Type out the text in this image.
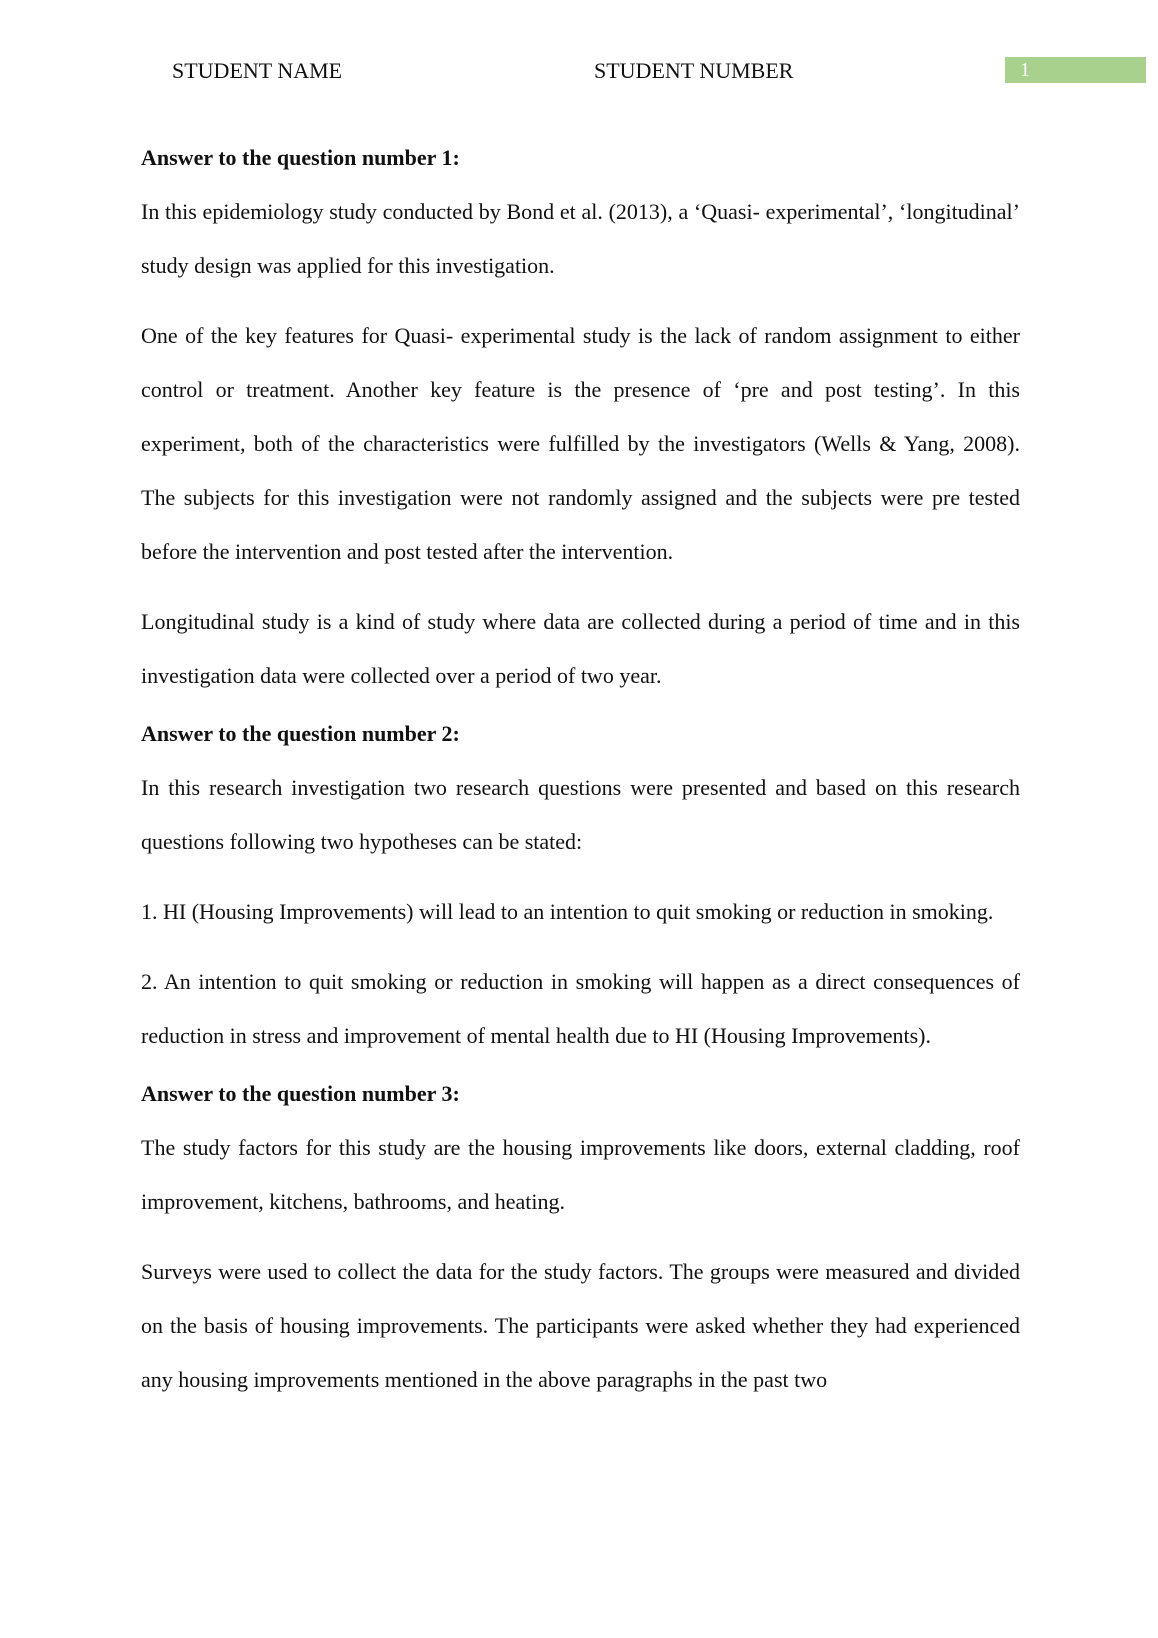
STUDENT NAME	STUDENT NUMBER	1
Answer to the question number 1:

In this epidemiology study conducted by Bond et al. (2013), a ‘Quasi- experimental’, ‘longitudinal’ study design was applied for this investigation.

One of the key features for Quasi- experimental study is the lack of random assignment to either control or treatment. Another key feature is the presence of ‘pre and post testing’. In this experiment, both of the characteristics were fulfilled by the investigators (Wells & Yang, 2008). The subjects for this investigation were not randomly assigned and the subjects were pre tested before the intervention and post tested after the intervention.

Longitudinal study is a kind of study where data are collected during a period of time and in this investigation data were collected over a period of two year.

Answer to the question number 2:

In this research investigation two research questions were presented and based on this research questions following two hypotheses can be stated:

1. HI (Housing Improvements) will lead to an intention to quit smoking or reduction in smoking.

2. An intention to quit smoking or reduction in smoking will happen as a direct consequences of reduction in stress and improvement of mental health due to HI (Housing Improvements).

Answer to the question number 3:

The study factors for this study are the housing improvements like doors, external cladding, roof improvement, kitchens, bathrooms, and heating.

Surveys were used to collect the data for the study factors. The groups were measured and divided on the basis of housing improvements. The participants were asked whether they had experienced any housing improvements mentioned in the above paragraphs in the past two
